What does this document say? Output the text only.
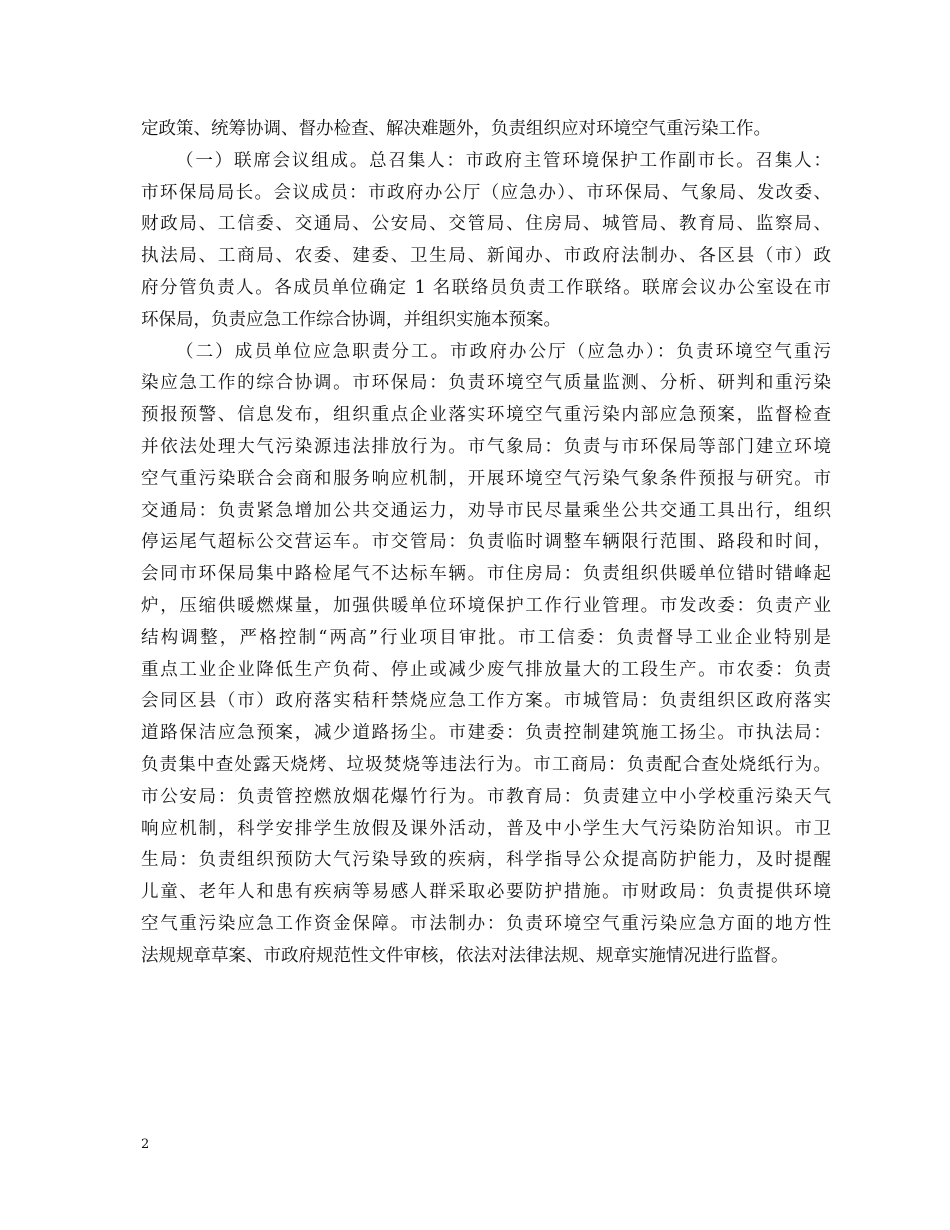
定政策、统筹协调、督办检查、解决难题外，负责组织应对环境空气重污染工作。
（一）联席会议组成。总召集人：市政府主管环境保护工作副市长。召集人：
市环保局局长。会议成员：市政府办公厅（应急办）、市环保局、气象局、发改委、
财政局、工信委、交通局、公安局、交管局、住房局、城管局、教育局、监察局、
执法局、工商局、农委、建委、卫生局、新闻办、市政府法制办、各区县（市）政
府分管负责人。各成员单位确定 1 名联络员负责工作联络。联席会议办公室设在市
环保局，负责应急工作综合协调，并组织实施本预案。
（二）成员单位应急职责分工。市政府办公厅（应急办）：负责环境空气重污
染应急工作的综合协调。市环保局：负责环境空气质量监测、分析、研判和重污染
预报预警、信息发布，组织重点企业落实环境空气重污染内部应急预案，监督检查
并依法处理大气污染源违法排放行为。市气象局：负责与市环保局等部门建立环境
空气重污染联合会商和服务响应机制，开展环境空气污染气象条件预报与研究。市
交通局：负责紧急增加公共交通运力，劝导市民尽量乘坐公共交通工具出行，组织
停运尾气超标公交营运车。市交管局：负责临时调整车辆限行范围、路段和时间，
会同市环保局集中路检尾气不达标车辆。市住房局：负责组织供暖单位错时错峰起
炉，压缩供暖燃煤量，加强供暖单位环境保护工作行业管理。市发改委：负责产业
结构调整，严格控制“两高”行业项目审批。市工信委：负责督导工业企业特别是
重点工业企业降低生产负荷、停止或减少废气排放量大的工段生产。市农委：负责
会同区县（市）政府落实秸秆禁烧应急工作方案。市城管局：负责组织区政府落实
道路保洁应急预案，减少道路扬尘。市建委：负责控制建筑施工扬尘。市执法局：
负责集中查处露天烧烤、垃圾焚烧等违法行为。市工商局：负责配合查处烧纸行为。
市公安局：负责管控燃放烟花爆竹行为。市教育局：负责建立中小学校重污染天气
响应机制，科学安排学生放假及课外活动，普及中小学生大气污染防治知识。市卫
生局：负责组织预防大气污染导致的疾病，科学指导公众提高防护能力，及时提醒
儿童、老年人和患有疾病等易感人群采取必要防护措施。市财政局：负责提供环境
空气重污染应急工作资金保障。市法制办：负责环境空气重污染应急方面的地方性
法规规章草案、市政府规范性文件审核，依法对法律法规、规章实施情况进行监督。
2
